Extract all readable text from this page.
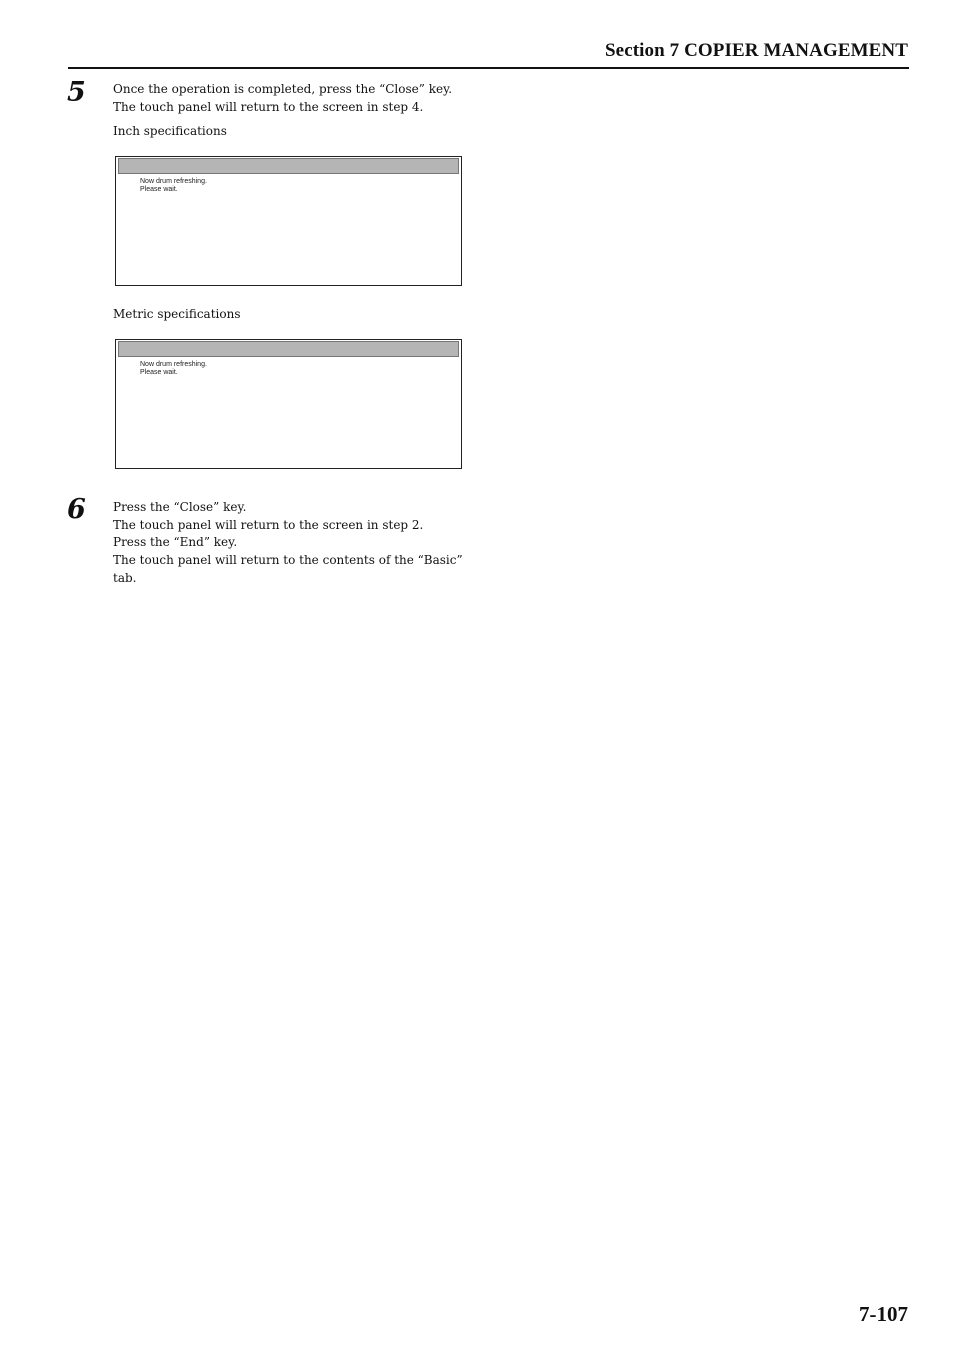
Section 7 COPIER MANAGEMENT
5 Once the operation is completed, press the “Close” key.
The touch panel will return to the screen in step 4.
Inch specifications
Now drum refreshing.
Please wait.
Metric specifications
Now drum refreshing.
Please wait.
6 Press the “Close” key.
The touch panel will return to the screen in step 2.
Press the “End” key.
The touch panel will return to the contents of the “Basic”
tab.
7-107
